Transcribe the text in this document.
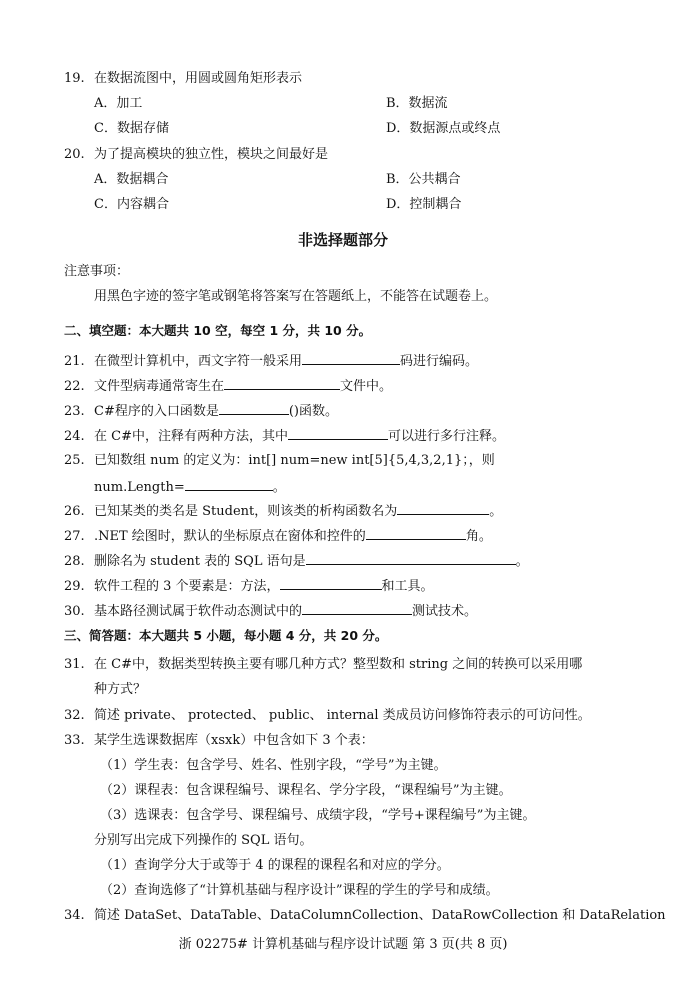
19. 在数据流图中，用圆或圆角矩形表示
A．加工	B．数据流
C．数据存储	D．数据源点或终点
20. 为了提高模块的独立性，模块之间最好是
A．数据耦合	B．公共耦合
C．内容耦合	D．控制耦合
非选择题部分
注意事项：
用黑色字迹的签字笔或钢笔将答案写在答题纸上，不能答在试题卷上。
二、填空题：本大题共 10 空，每空 1 分，共 10 分。
21. 在微型计算机中，西文字符一般采用	码进行编码。
22. 文件型病毒通常寄生在	文件中。
23. C#程序的入口函数是	()函数。
24. 在 C#中，注释有两种方法，其中	可以进行多行注释。
25. 已知数组 num 的定义为：int[] num=new int[5]{5,4,3,2,1}；，则
num.Length=	。
26. 已知某类的类名是 Student，则该类的析构函数名为	。
27. .NET 绘图时，默认的坐标原点在窗体和控件的	角。
28. 删除名为 student 表的 SQL 语句是	。
29. 软件工程的 3 个要素是：方法，	和工具。
30. 基本路径测试属于软件动态测试中的	测试技术。
三、简答题：本大题共 5 小题，每小题 4 分，共 20 分。
31. 在 C#中，数据类型转换主要有哪几种方式？整型数和 string 之间的转换可以采用哪
种方式？
32. 简述 private、 protected、 public、 internal 类成员访问修饰符表示的可访问性。
33. 某学生选课数据库（xsxk）中包含如下 3 个表：
（1）学生表：包含学号、姓名、性别字段，“学号”为主键。
（2）课程表：包含课程编号、课程名、学分字段，“课程编号”为主键。
（3）选课表：包含学号、课程编号、成绩字段，“学号+课程编号”为主键。
分别写出完成下列操作的 SQL 语句。
（1）查询学分大于或等于 4 的课程的课程名和对应的学分。
（2）查询选修了“计算机基础与程序设计”课程的学生的学号和成绩。
34. 简述 DataSet、DataTable、DataColumnCollection、DataRowCollection 和 DataRelation
浙 02275# 计算机基础与程序设计试题 第 3 页(共 8 页)
